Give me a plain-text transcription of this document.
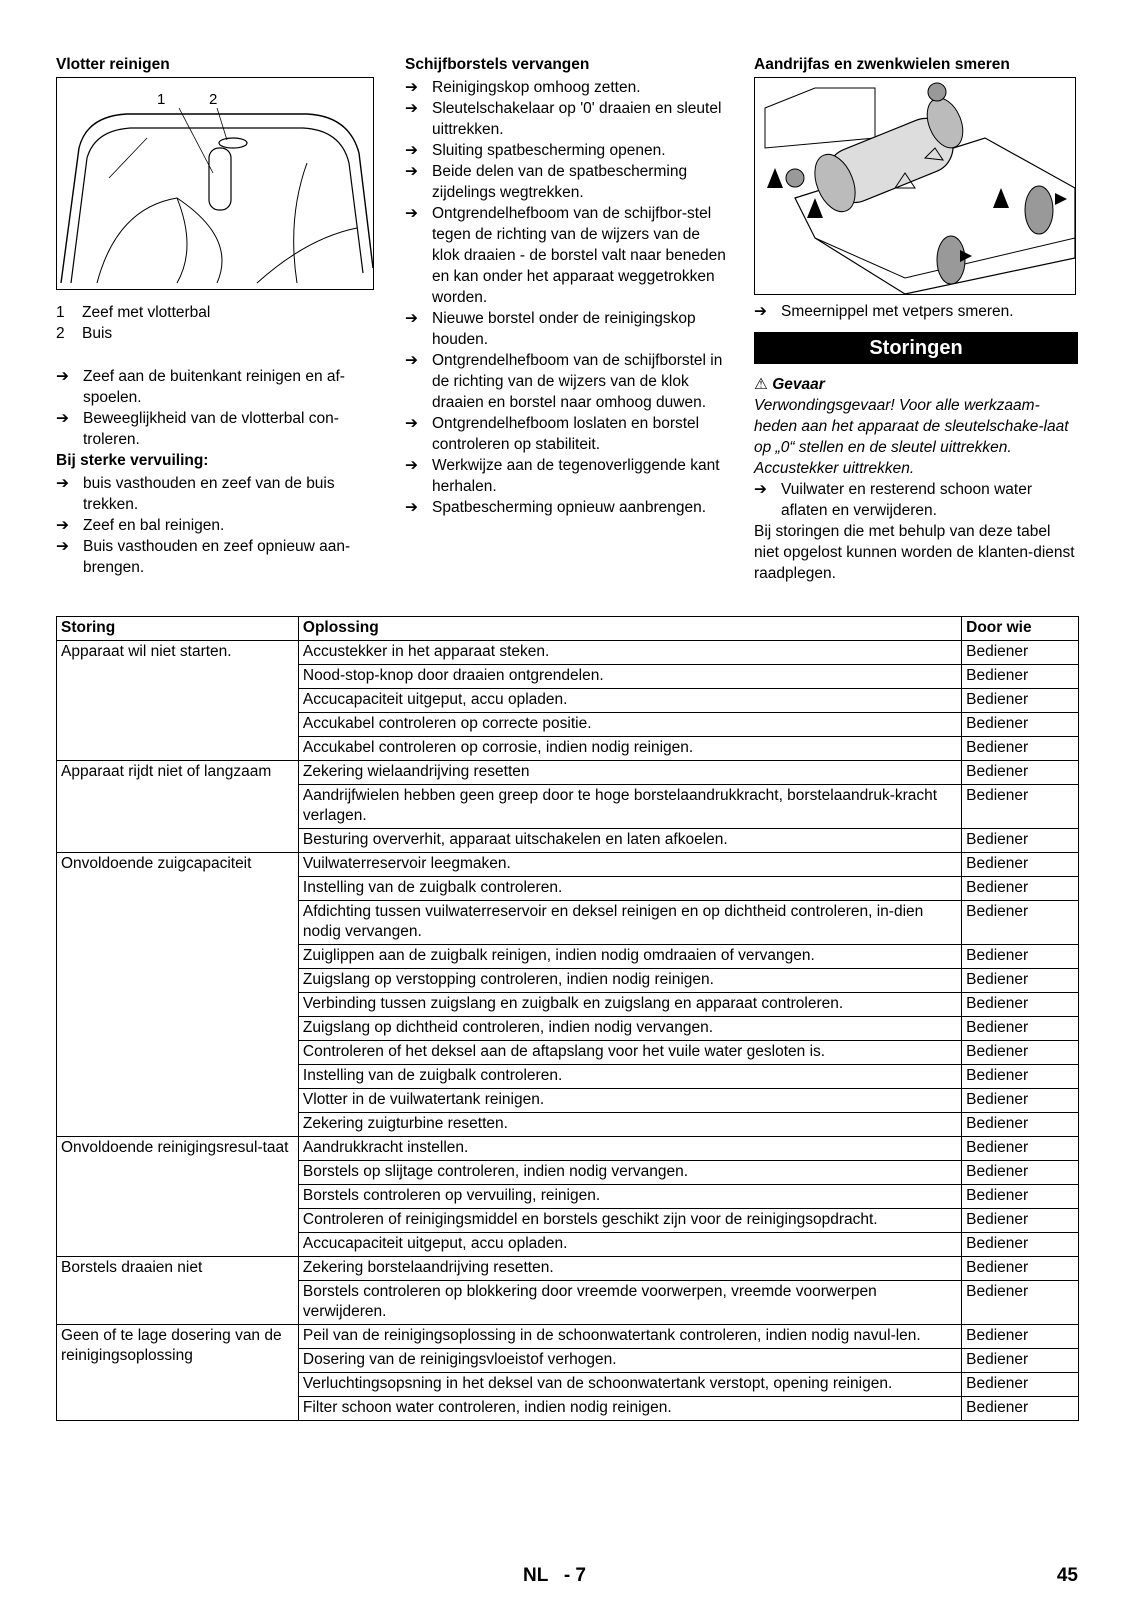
Vlotter reinigen
1	2
1	Zeef met vlotterbal
2	Buis
➔ Zeef aan de buitenkant reinigen en af-spoelen.
➔ Beweeglijkheid van de vlotterbal con-troleren.
Bij sterke vervuiling:
➔ buis vasthouden en zeef van de buis trekken.
➔ Zeef en bal reinigen.
➔ Buis vasthouden en zeef opnieuw aan-brengen.
Schijfborstels vervangen
➔ Reinigingskop omhoog zetten.
➔ Sleutelschakelaar op '0' draaien en sleutel uittrekken.
➔ Sluiting spatbescherming openen.
➔ Beide delen van de spatbescherming zijdelings wegtrekken.
➔ Ontgrendelhefboom van de schijfbor-stel tegen de richting van de wijzers van de klok draaien - de borstel valt naar beneden en kan onder het apparaat weggetrokken worden.
➔ Nieuwe borstel onder de reinigingskop houden.
➔ Ontgrendelhefboom van de schijfborstel in de richting van de wijzers van de klok draaien en borstel naar omhoog duwen.
➔ Ontgrendelhefboom loslaten en borstel controleren op stabiliteit.
➔ Werkwijze aan de tegenoverliggende kant herhalen.
➔ Spatbescherming opnieuw aanbrengen.
Aandrijfas en zwenkwielen smeren
➔ Smeernippel met vetpers smeren.
Storingen
⚠ Gevaar
Verwondingsgevaar! Voor alle werkzaam-heden aan het apparaat de sleutelschake-laat op „0“ stellen en de sleutel uittrekken. Accustekker uittrekken.
➔ Vuilwater en resterend schoon water aflaten en verwijderen.
Bij storingen die met behulp van deze tabel niet opgelost kunnen worden de klanten-dienst raadplegen.
Storing	Oplossing	Door wie
Apparaat wil niet starten.	Accustekker in het apparaat steken.	Bediener
	Nood-stop-knop door draaien ontgrendelen.	Bediener
	Accucapaciteit uitgeput, accu opladen.	Bediener
	Accukabel controleren op correcte positie.	Bediener
	Accukabel controleren op corrosie, indien nodig reinigen.	Bediener
Apparaat rijdt niet of langzaam	Zekering wielaandrijving resetten	Bediener
	Aandrijfwielen hebben geen greep door te hoge borstelaandrukkracht, borstelaandruk-kracht verlagen.	Bediener
	Besturing oververhit, apparaat uitschakelen en laten afkoelen.	Bediener
Onvoldoende zuigcapaciteit	Vuilwaterreservoir leegmaken.	Bediener
	Instelling van de zuigbalk controleren.	Bediener
	Afdichting tussen vuilwaterreservoir en deksel reinigen en op dichtheid controleren, in-dien nodig vervangen.	Bediener
	Zuiglippen aan de zuigbalk reinigen, indien nodig omdraaien of vervangen.	Bediener
	Zuigslang op verstopping controleren, indien nodig reinigen.	Bediener
	Verbinding tussen zuigslang en zuigbalk en zuigslang en apparaat controleren.	Bediener
	Zuigslang op dichtheid controleren, indien nodig vervangen.	Bediener
	Controleren of het deksel aan de aftapslang voor het vuile water gesloten is.	Bediener
	Instelling van de zuigbalk controleren.	Bediener
	Vlotter in de vuilwatertank reinigen.	Bediener
	Zekering zuigturbine resetten.	Bediener
Onvoldoende reinigingsresul-taat	Aandrukkracht instellen.	Bediener
	Borstels op slijtage controleren, indien nodig vervangen.	Bediener
	Borstels controleren op vervuiling, reinigen.	Bediener
	Controleren of reinigingsmiddel en borstels geschikt zijn voor de reinigingsopdracht.	Bediener
	Accucapaciteit uitgeput, accu opladen.	Bediener
Borstels draaien niet	Zekering borstelaandrijving resetten.	Bediener
	Borstels controleren op blokkering door vreemde voorwerpen, vreemde voorwerpen verwijderen.	Bediener
Geen of te lage dosering van de reinigingsoplossing	Peil van de reinigingsoplossing in de schoonwatertank controleren, indien nodig navul-len.	Bediener
	Dosering van de reinigingsvloeistof verhogen.	Bediener
	Verluchtingsopsning in het deksel van de schoonwatertank verstopt, opening reinigen.	Bediener
	Filter schoon water controleren, indien nodig reinigen.	Bediener
NL   - 7	45
